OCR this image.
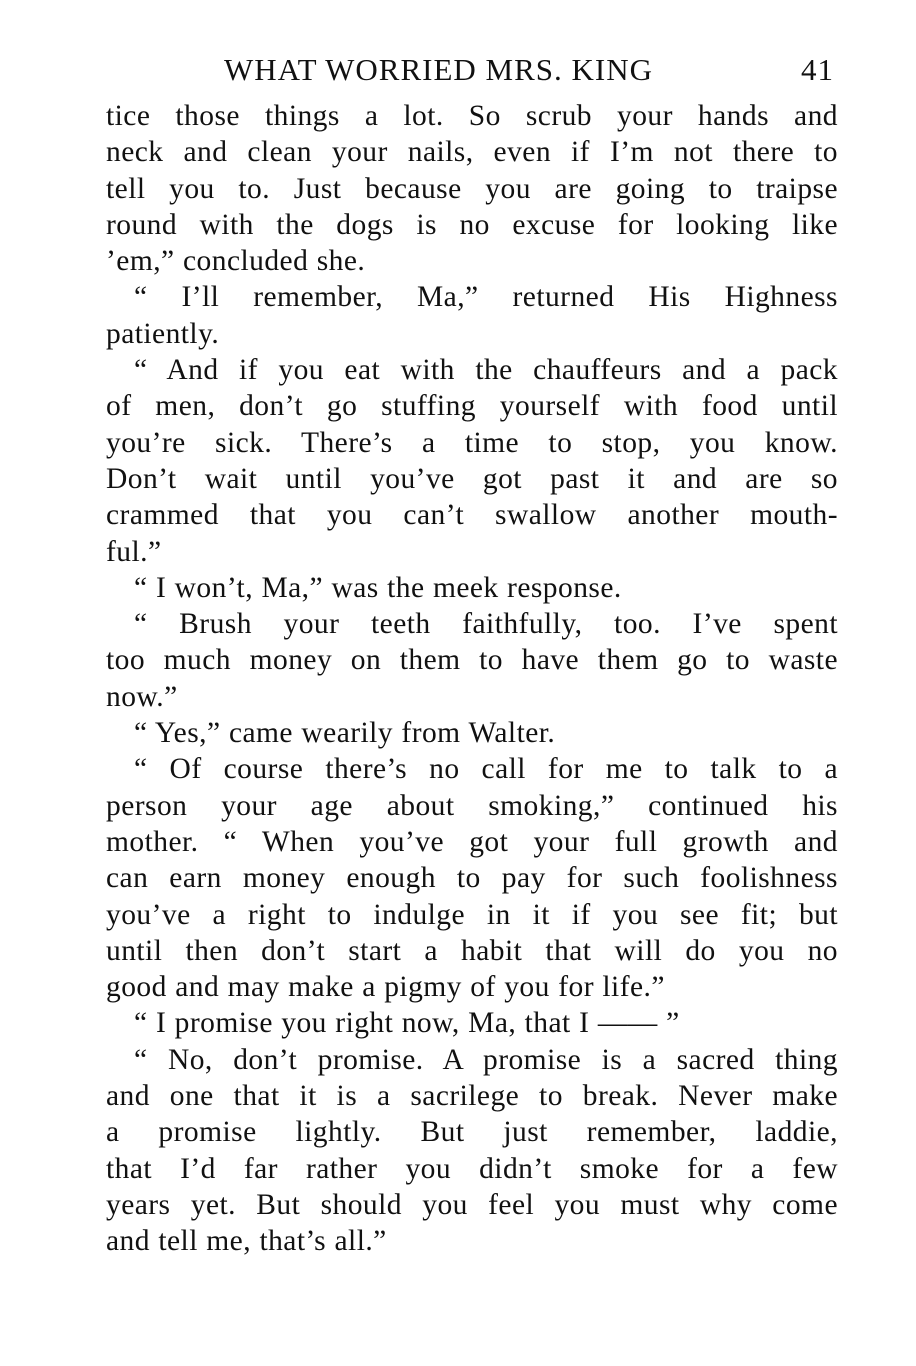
WHAT WORRIED MRS. KING	41
tice those things a lot. So scrub your hands and
neck and clean your nails, even if I’m not there to
tell you to. Just because you are going to traipse
round with the dogs is no excuse for looking like
’em,” concluded she.
“ I’ll remember, Ma,” returned His Highness
patiently.
“ And if you eat with the chauffeurs and a pack
of men, don’t go stuffing yourself with food until
you’re sick. There’s a time to stop, you know.
Don’t wait until you’ve got past it and are so
crammed that you can’t swallow another mouth-
ful.”
“ I won’t, Ma,” was the meek response.
“ Brush your teeth faithfully, too. I’ve spent
too much money on them to have them go to waste
now.”
“ Yes,” came wearily from Walter.
“ Of course there’s no call for me to talk to a
person your age about smoking,” continued his
mother. “ When you’ve got your full growth and
can earn money enough to pay for such foolishness
you’ve a right to indulge in it if you see fit; but
until then don’t start a habit that will do you no
good and may make a pigmy of you for life.”
“ I promise you right now, Ma, that I —— ”
“ No, don’t promise. A promise is a sacred thing
and one that it is a sacrilege to break. Never make
a promise lightly. But just remember, laddie,
that I’d far rather you didn’t smoke for a few
years yet. But should you feel you must why come
and tell me, that’s all.”
